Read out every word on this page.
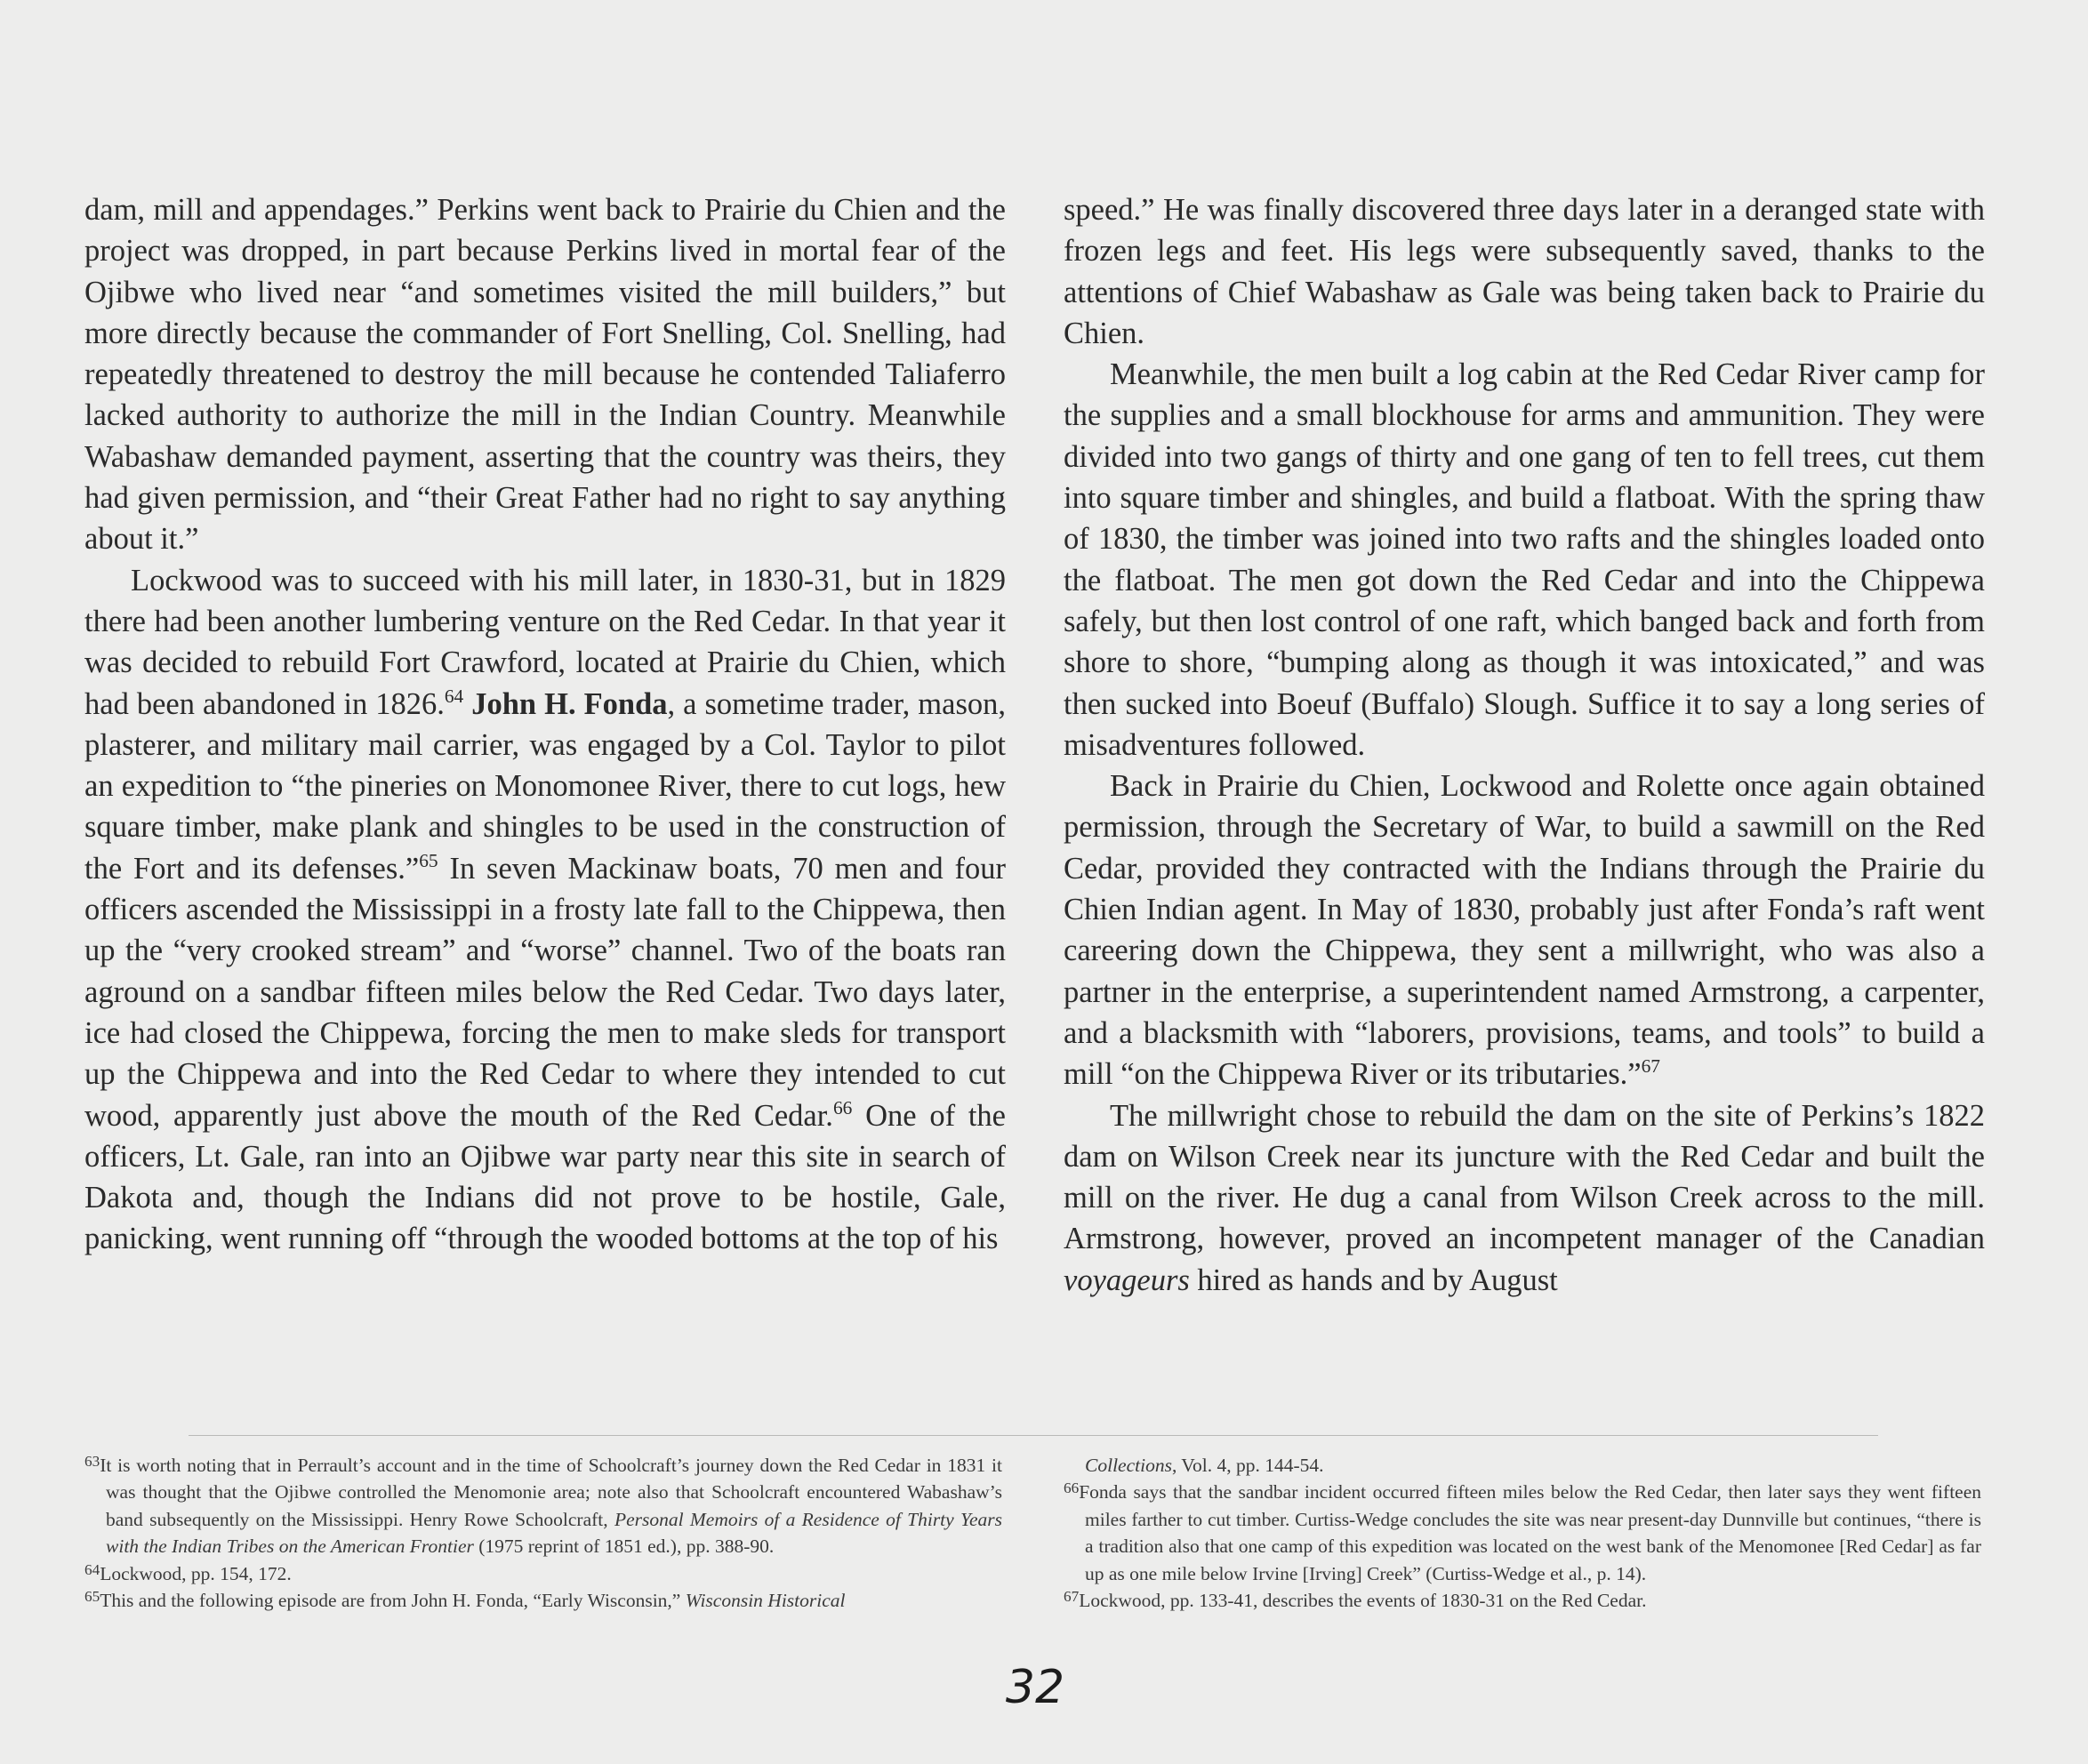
dam, mill and appendages.” Perkins went back to Prairie du Chien and the project was dropped, in part because Perkins lived in mortal fear of the Ojibwe who lived near “and sometimes visited the mill builders,” but more directly because the commander of Fort Snelling, Col. Snelling, had repeatedly threatened to destroy the mill because he contended Taliaferro lacked authority to authorize the mill in the Indian Country. Meanwhile Wabashaw demanded payment, asserting that the country was theirs, they had given permission, and “their Great Father had no right to say anything about it.”

Lockwood was to succeed with his mill later, in 1830-31, but in 1829 there had been another lumbering venture on the Red Cedar. In that year it was decided to rebuild Fort Crawford, located at Prairie du Chien, which had been abandoned in 1826.64 John H. Fonda, a sometime trader, mason, plasterer, and military mail carrier, was engaged by a Col. Taylor to pilot an expedition to “the pineries on Monomonee River, there to cut logs, hew square timber, make plank and shingles to be used in the construction of the Fort and its defenses.”$^{65}$ In seven Mackinaw boats, 70 men and four officers ascended the Mississippi in a frosty late fall to the Chippewa, then up the “very crooked stream” and “worse” channel. Two of the boats ran aground on a sandbar fifteen miles below the Red Cedar. Two days later, ice had closed the Chippewa, forcing the men to make sleds for transport up the Chippewa and into the Red Cedar to where they intended to cut wood, apparently just above the mouth of the Red Cedar.$^{66}$ One of the officers, Lt. Gale, ran into an Ojibwe war party near this site in search of Dakota and, though the Indians did not prove to be hostile, Gale, panicking, went running off “through the wooded bottoms at the top of his

speed.” He was finally discovered three days later in a deranged state with frozen legs and feet. His legs were subsequently saved, thanks to the attentions of Chief Wabashaw as Gale was being taken back to Prairie du Chien.

Meanwhile, the men built a log cabin at the Red Cedar River camp for the supplies and a small blockhouse for arms and ammunition. They were divided into two gangs of thirty and one gang of ten to fell trees, cut them into square timber and shingles, and build a flatboat. With the spring thaw of 1830, the timber was joined into two rafts and the shingles loaded onto the flatboat. The men got down the Red Cedar and into the Chippewa safely, but then lost control of one raft, which banged back and forth from shore to shore, “bumping along as though it was intoxicated,” and was then sucked into Boeuf (Buffalo) Slough. Suffice it to say a long series of misadventures followed.

Back in Prairie du Chien, Lockwood and Rolette once again obtained permission, through the Secretary of War, to build a sawmill on the Red Cedar, provided they contracted with the Indians through the Prairie du Chien Indian agent. In May of 1830, probably just after Fonda’s raft went careering down the Chippewa, they sent a millwright, who was also a partner in the enterprise, a superintendent named Armstrong, a carpenter, and a blacksmith with “laborers, provisions, teams, and tools” to build a mill “on the Chippewa River or its tributaries.”$^{67}$

The millwright chose to rebuild the dam on the site of Perkins’s 1822 dam on Wilson Creek near its juncture with the Red Cedar and built the mill on the river. He dug a canal from Wilson Creek across to the mill. Armstrong, however, proved an incompetent manager of the Canadian voyageurs hired as hands and by August

$^{63}$It is worth noting that in Perrault’s account and in the time of Schoolcraft’s journey down the Red Cedar in 1831 it was thought that the Ojibwe controlled the Menomonie area; note also that Schoolcraft encountered Wabashaw’s band subsequently on the Mississippi. Henry Rowe Schoolcraft, Personal Memoirs of a Residence of Thirty Years with the Indian Tribes on the American Frontier (1975 reprint of 1851 ed.), pp. 388-90.

$^{64}$Lockwood, pp. 154, 172.

$^{65}$This and the following episode are from John H. Fonda, “Early Wisconsin,” Wisconsin Historical

Collections, Vol. 4, pp. 144-54.

$^{66}$Fonda says that the sandbar incident occurred fifteen miles below the Red Cedar, then later says they went fifteen miles farther to cut timber. Curtiss-Wedge concludes the site was near present-day Dunnville but continues, “there is a tradition also that one camp of this expedition was located on the west bank of the Menomonee [Red Cedar] as far up as one mile below Irvine [Irving] Creek” (Curtiss-Wedge et al., p. 14).

$^{67}$Lockwood, pp. 133-41, describes the events of 1830-31 on the Red Cedar.

32
